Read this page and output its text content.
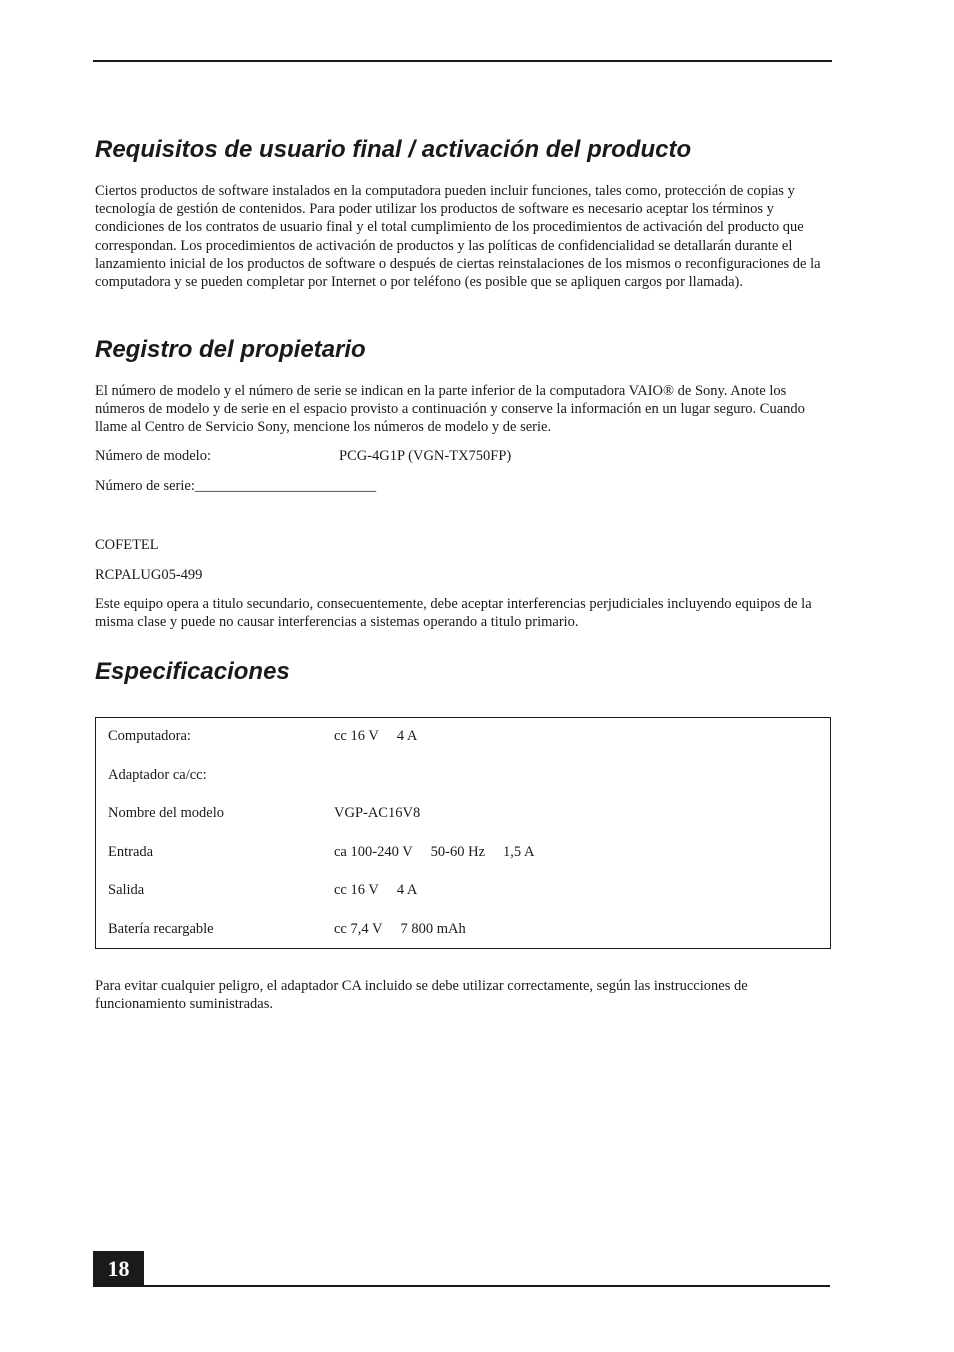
Requisitos de usuario final / activación del producto

Ciertos productos de software instalados en la computadora pueden incluir funciones, tales como, protección de copias y tecnología de gestión de contenidos. Para poder utilizar los productos de software es necesario aceptar los términos y condiciones de los contratos de usuario final y el total cumplimiento de los procedimientos de activación del producto que correspondan. Los procedimientos de activación de productos y las políticas de confidencialidad se detallarán durante el lanzamiento inicial de los productos de software o después de ciertas reinstalaciones de los mismos o reconfiguraciones de la computadora y se pueden completar por Internet o por teléfono (es posible que se apliquen cargos por llamada).

Registro del propietario

El número de modelo y el número de serie se indican en la parte inferior de la computadora VAIO® de Sony. Anote los números de modelo y de serie en el espacio provisto a continuación y conserve la información en un lugar seguro. Cuando llame al Centro de Servicio Sony, mencione los números de modelo y de serie.

Número de modelo:	PCG-4G1P (VGN-TX750FP)

Número de serie:_________________________

COFETEL

RCPALUG05-499

Este equipo opera a titulo secundario, consecuentemente, debe aceptar interferencias perjudiciales incluyendo equipos de la misma clase y puede no causar interferencias a sistemas operando a titulo primario.

Especificaciones
Computadora:	cc 16 V 4 A
Adaptador ca/cc:
Nombre del modelo	VGP-AC16V8
Entrada	ca 100-240 V 50-60 Hz 1,5 A
Salida	cc 16 V 4 A
Batería recargable	cc 7,4 V 7 800 mAh

Para evitar cualquier peligro, el adaptador CA incluido se debe utilizar correctamente, según las instrucciones de funcionamiento suministradas.

18
